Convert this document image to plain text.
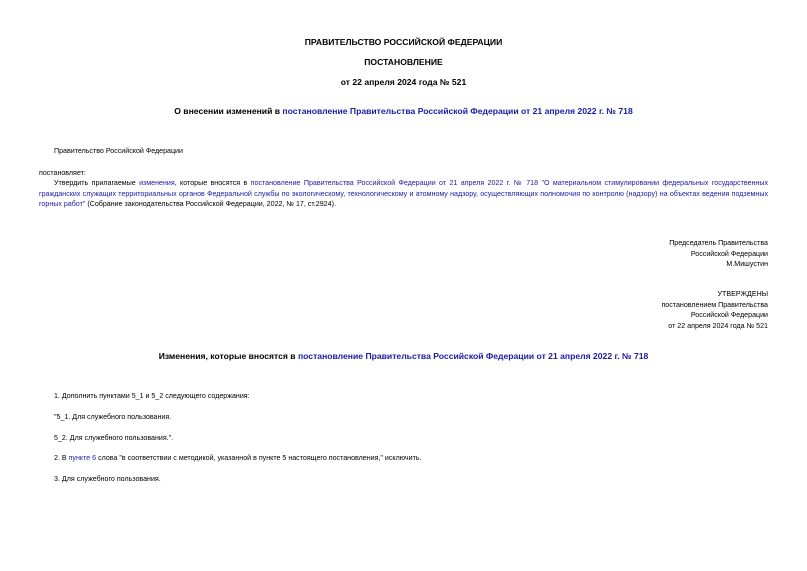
ПРАВИТЕЛЬСТВО РОССИЙСКОЙ ФЕДЕРАЦИИ
ПОСТАНОВЛЕНИЕ
от 22 апреля 2024 года № 521
О внесении изменений в постановление Правительства Российской Федерации от 21 апреля 2022 г. № 718
Правительство Российской Федерации
постановляет:
Утвердить прилагаемые изменения, которые вносятся в постановление Правительства Российской Федерации от 21 апреля 2022 г. № 718 "О материальном стимулировании федеральных государственных гражданских служащих территориальных органов Федеральной службы по экологическому, технологическому и атомному надзору, осуществляющих полномочия по контролю (надзору) на объектах ведения подземных горных работ" (Собрание законодательства Российской Федерации, 2022, № 17, ст.2924).
Председатель Правительства
Российской Федерации
М.Мишустин
УТВЕРЖДЕНЫ
постановлением Правительства
Российской Федерации
от 22 апреля 2024 года № 521
Изменения, которые вносятся в постановление Правительства Российской Федерации от 21 апреля 2022 г. № 718
1. Дополнить пунктами 5_1 и 5_2 следующего содержания:
"5_1. Для служебного пользования.
5_2. Для служебного пользования.".
2. В пункте 6 слова "в соответствии с методикой, указанной в пункте 5 настоящего постановления," исключить.
3. Для служебного пользования.
